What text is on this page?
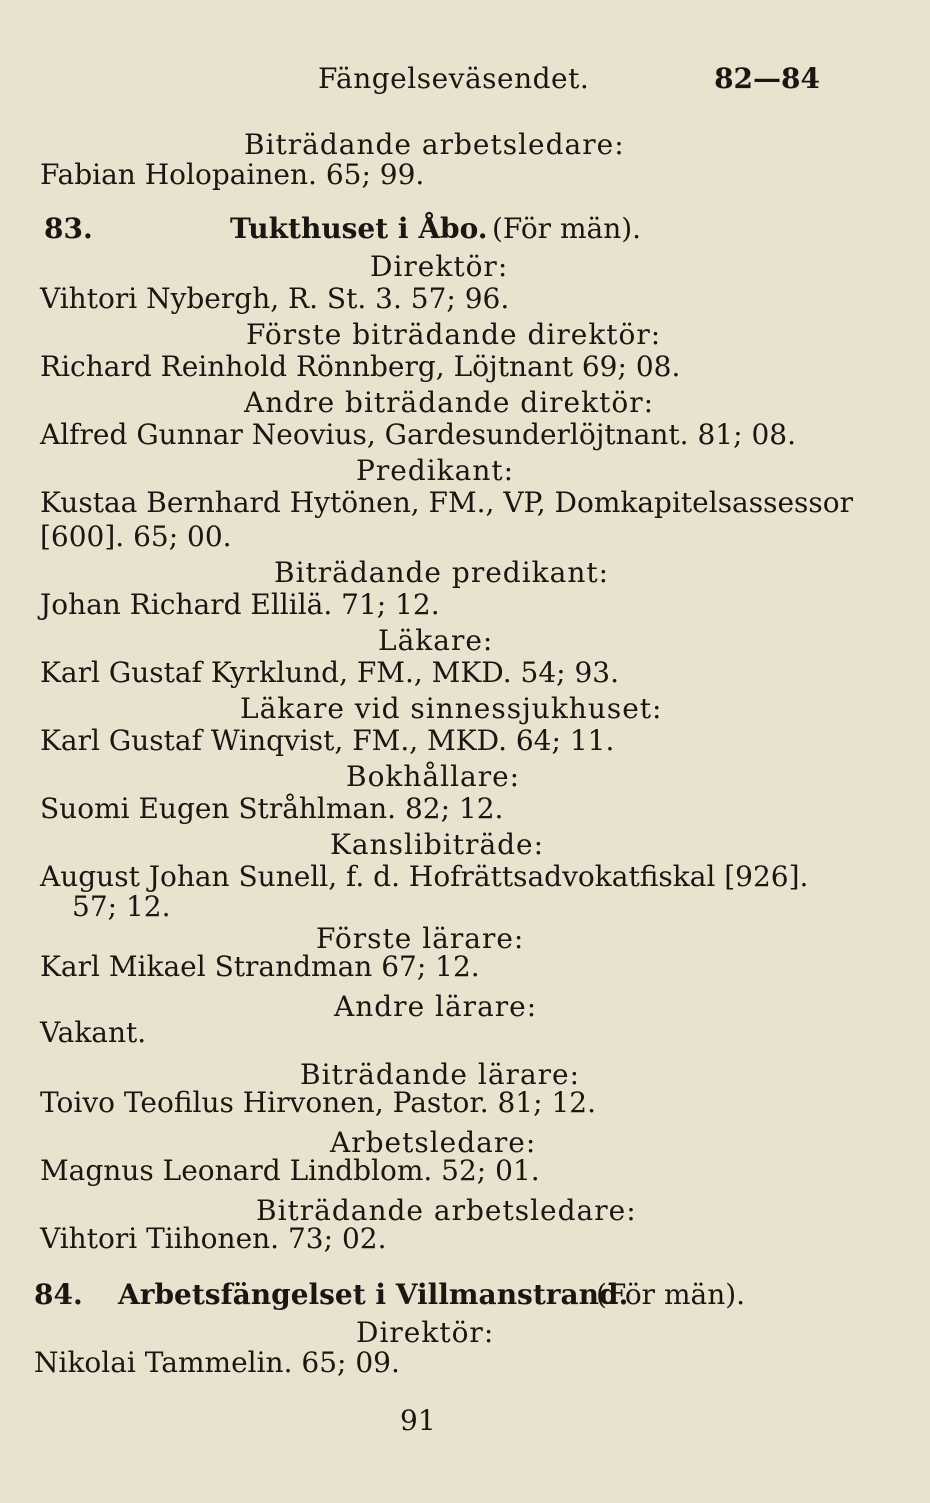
Fängelseväsendet.	82—84
Biträdande arbetsledare:
Fabian Holopainen. 65; 99.
83.	Tukthuset i Åbo. (För män).
Direktör:
Vihtori Nybergh, R. St. 3. 57; 96.
Förste biträdande direktör:
Richard Reinhold Rönnberg, Löjtnant 69; 08.
Andre biträdande direktör:
Alfred Gunnar Neovius, Gardesunderlöjtnant. 81; 08.
Predikant:
Kustaa Bernhard Hytönen, FM., VP, Domkapitelsassessor
[600]. 65; 00.
Biträdande predikant:
Johan Richard Ellilä. 71; 12.
Läkare:
Karl Gustaf Kyrklund, FM., MKD. 54; 93.
Läkare vid sinnessjukhuset:
Karl Gustaf Winqvist, FM., MKD. 64; 11.
Bokhållare:
Suomi Eugen Stråhlman. 82; 12.
Kanslibiträde:
August Johan Sunell, f. d. Hofrättsadvokatfiskal [926].
57; 12.
Förste lärare:
Karl Mikael Strandman 67; 12.
Andre lärare:
Vakant.
Biträdande lärare:
Toivo Teofilus Hirvonen, Pastor. 81; 12.
Arbetsledare:
Magnus Leonard Lindblom. 52; 01.
Biträdande arbetsledare:
Vihtori Tiihonen. 73; 02.
84. Arbetsfängelset i Villmanstrand.
(För män).
Direktör:
Nikolai Tammelin. 65; 09.
91
